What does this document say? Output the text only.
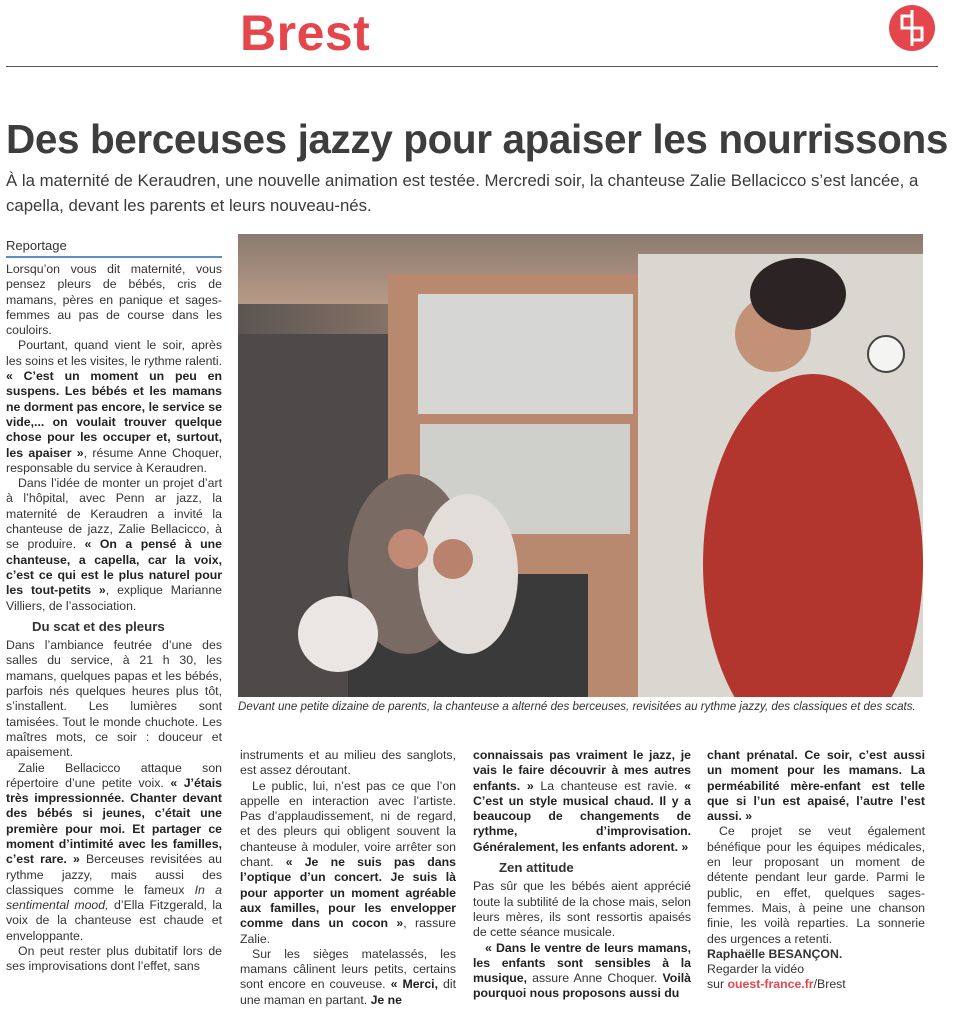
Brest
Des berceuses jazzy pour apaiser les nourrissons
À la maternité de Keraudren, une nouvelle animation est testée. Mercredi soir, la chanteuse Zalie Bellacicco s’est lancée, a capella, devant les parents et leurs nouveau-nés.
Reportage

Lorsqu’on vous dit maternité, vous pensez pleurs de bébés, cris de mamans, pères en panique et sages-femmes au pas de course dans les couloirs.

Pourtant, quand vient le soir, après les soins et les visites, le rythme ralenti. « C’est un moment un peu en suspens. Les bébés et les mamans ne dorment pas encore, le service se vide,... on voulait trouver quelque chose pour les occuper et, surtout, les apaiser », résume Anne Choquer, responsable du service à Keraudren.

Dans l’idée de monter un projet d’art à l’hôpital, avec Penn ar jazz, la maternité de Keraudren a invité la chanteuse de jazz, Zalie Bellacicco, à se produire. « On a pensé à une chanteuse, a capella, car la voix, c’est ce qui est le plus naturel pour les tout-petits », explique Marianne Villiers, de l’association.

Du scat et des pleurs

Dans l’ambiance feutrée d’une des salles du service, à 21 h 30, les mamans, quelques papas et les bébés, parfois nés quelques heures plus tôt, s’installent. Les lumières sont tamisées. Tout le monde chuchote. Les maîtres mots, ce soir : douceur et apaisement.

Zalie Bellacicco attaque son répertoire d’une petite voix. « J’étais très impressionnée. Chanter devant des bébés si jeunes, c’était une première pour moi. Et partager ce moment d’intimité avec les familles, c’est rare. » Berceuses revisitées au rythme jazzy, mais aussi des classiques comme le fameux In a sentimental mood, d’Ella Fitzgerald, la voix de la chanteuse est chaude et enveloppante.

On peut rester plus dubitatif lors de ses improvisations dont l’effet, sans

Devant une petite dizaine de parents, la chanteuse a alterné des berceuses, revisitées au rythme jazzy, des classiques et des scats.

instruments et au milieu des sanglots, est assez déroutant.

Le public, lui, n’est pas ce que l’on appelle en interaction avec l’artiste. Pas d’applaudissement, ni de regard, et des pleurs qui obligent souvent la chanteuse à moduler, voire arrêter son chant. « Je ne suis pas dans l’optique d’un concert. Je suis là pour apporter un moment agréable aux familles, pour les envelopper comme dans un cocon », rassure Zalie.

Sur les sièges matelassés, les mamans câlinent leurs petits, certains sont encore en couveuse. « Merci, dit une maman en partant. Je ne

connaissais pas vraiment le jazz, je vais le faire découvrir à mes autres enfants. » La chanteuse est ravie. « C’est un style musical chaud. Il y a beaucoup de changements de rythme, d’improvisation. Généralement, les enfants adorent. »

Zen attitude

Pas sûr que les bébés aient apprécié toute la subtilité de la chose mais, selon leurs mères, ils sont ressortis apaisés de cette séance musicale.

« Dans le ventre de leurs mamans, les enfants sont sensibles à la musique, assure Anne Choquer. Voilà pourquoi nous proposons aussi du

chant prénatal. Ce soir, c’est aussi un moment pour les mamans. La perméabilité mère-enfant est telle que si l’un est apaisé, l’autre l’est aussi. »

Ce projet se veut également bénéfique pour les équipes médicales, en leur proposant un moment de détente pendant leur garde. Parmi le public, en effet, quelques sages-femmes. Mais, à peine une chanson finie, les voilà reparties. La sonnerie des urgences a retenti.

Raphaëlle BESANÇON.

Regarder la vidéo

sur ouest-france.fr/Brest
